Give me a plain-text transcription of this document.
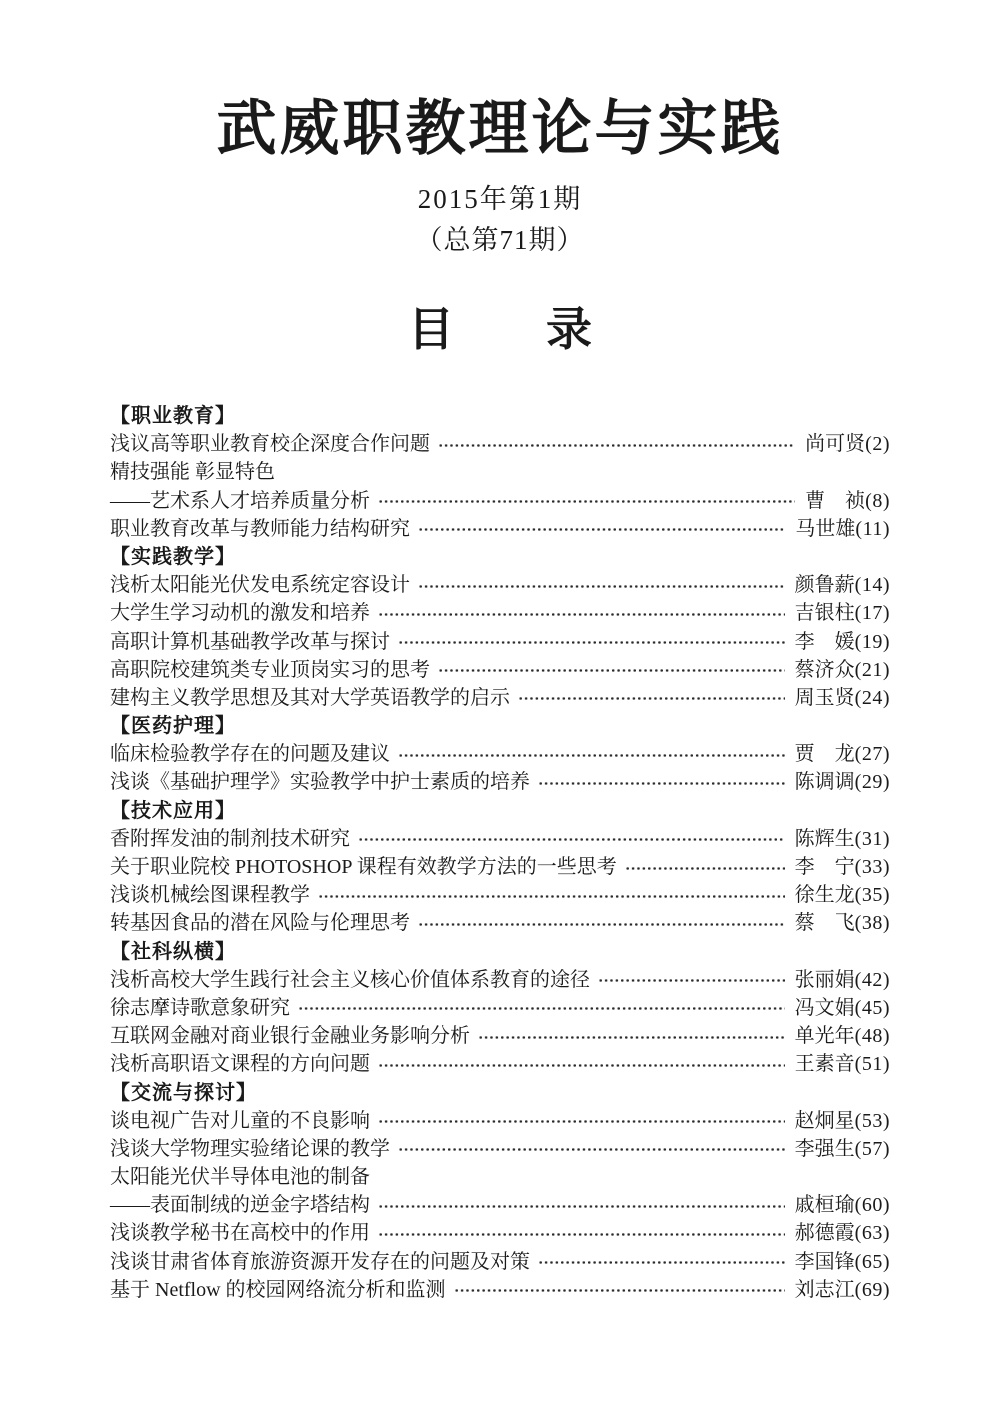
武威职教理论与实践
2015年第1期
（总第71期）
目　　录
【职业教育】
浅议高等职业教育校企深度合作问题	尚可贤(2)
精技强能 彰显特色
——艺术系人才培养质量分析	曹　祯(8)
职业教育改革与教师能力结构研究	马世雄(11)
【实践教学】
浅析太阳能光伏发电系统定容设计	颜鲁薪(14)
大学生学习动机的激发和培养	吉银柱(17)
高职计算机基础教学改革与探讨	李　媛(19)
高职院校建筑类专业顶岗实习的思考	蔡济众(21)
建构主义教学思想及其对大学英语教学的启示	周玉贤(24)
【医药护理】
临床检验教学存在的问题及建议	贾　龙(27)
浅谈《基础护理学》实验教学中护士素质的培养	陈调调(29)
【技术应用】
香附挥发油的制剂技术研究	陈辉生(31)
关于职业院校 PHOTOSHOP 课程有效教学方法的一些思考	李　宁(33)
浅谈机械绘图课程教学	徐生龙(35)
转基因食品的潜在风险与伦理思考	蔡　飞(38)
【社科纵横】
浅析高校大学生践行社会主义核心价值体系教育的途径	张丽娟(42)
徐志摩诗歌意象研究	冯文娟(45)
互联网金融对商业银行金融业务影响分析	单光年(48)
浅析高职语文课程的方向问题	王素音(51)
【交流与探讨】
谈电视广告对儿童的不良影响	赵炯星(53)
浅谈大学物理实验绪论课的教学	李强生(57)
太阳能光伏半导体电池的制备
——表面制绒的逆金字塔结构	戚桓瑜(60)
浅谈教学秘书在高校中的作用	郝德霞(63)
浅谈甘肃省体育旅游资源开发存在的问题及对策	李国锋(65)
基于 Netflow 的校园网络流分析和监测	刘志江(69)
